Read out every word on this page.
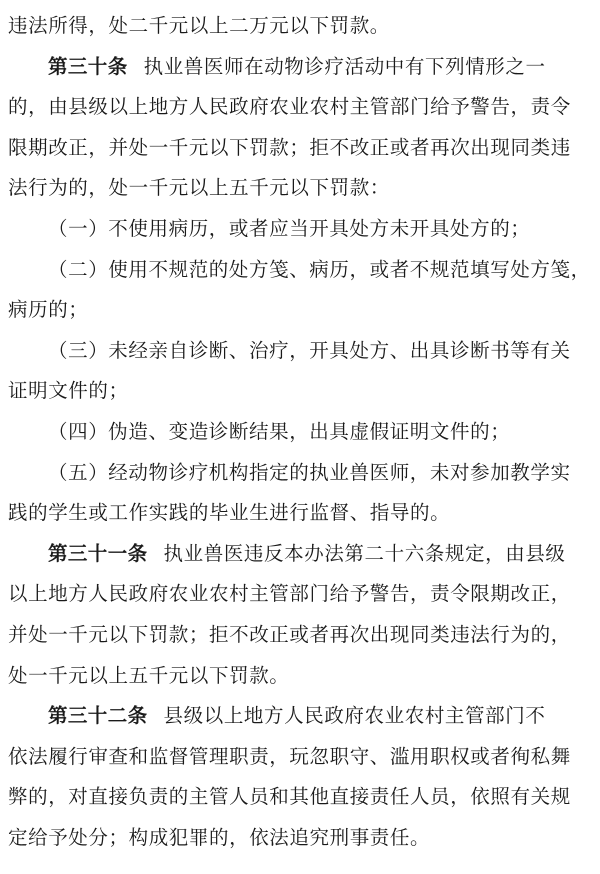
违法所得，处二千元以上二万元以下罚款。
第三十条 执业兽医师在动物诊疗活动中有下列情形之一
的，由县级以上地方人民政府农业农村主管部门给予警告，责令
限期改正，并处一千元以下罚款；拒不改正或者再次出现同类违
法行为的，处一千元以上五千元以下罚款：
（一）不使用病历，或者应当开具处方未开具处方的；
（二）使用不规范的处方笺、病历，或者不规范填写处方笺，
病历的；
（三）未经亲自诊断、治疗，开具处方、出具诊断书等有关
证明文件的；
（四）伪造、变造诊断结果，出具虚假证明文件的；
（五）经动物诊疗机构指定的执业兽医师，未对参加教学实
践的学生或工作实践的毕业生进行监督、指导的。
第三十一条 执业兽医违反本办法第二十六条规定，由县级
以上地方人民政府农业农村主管部门给予警告，责令限期改正，
并处一千元以下罚款；拒不改正或者再次出现同类违法行为的，
处一千元以上五千元以下罚款。
第三十二条 县级以上地方人民政府农业农村主管部门不
依法履行审查和监督管理职责，玩忽职守、滥用职权或者徇私舞
弊的，对直接负责的主管人员和其他直接责任人员，依照有关规
定给予处分；构成犯罪的，依法追究刑事责任。
